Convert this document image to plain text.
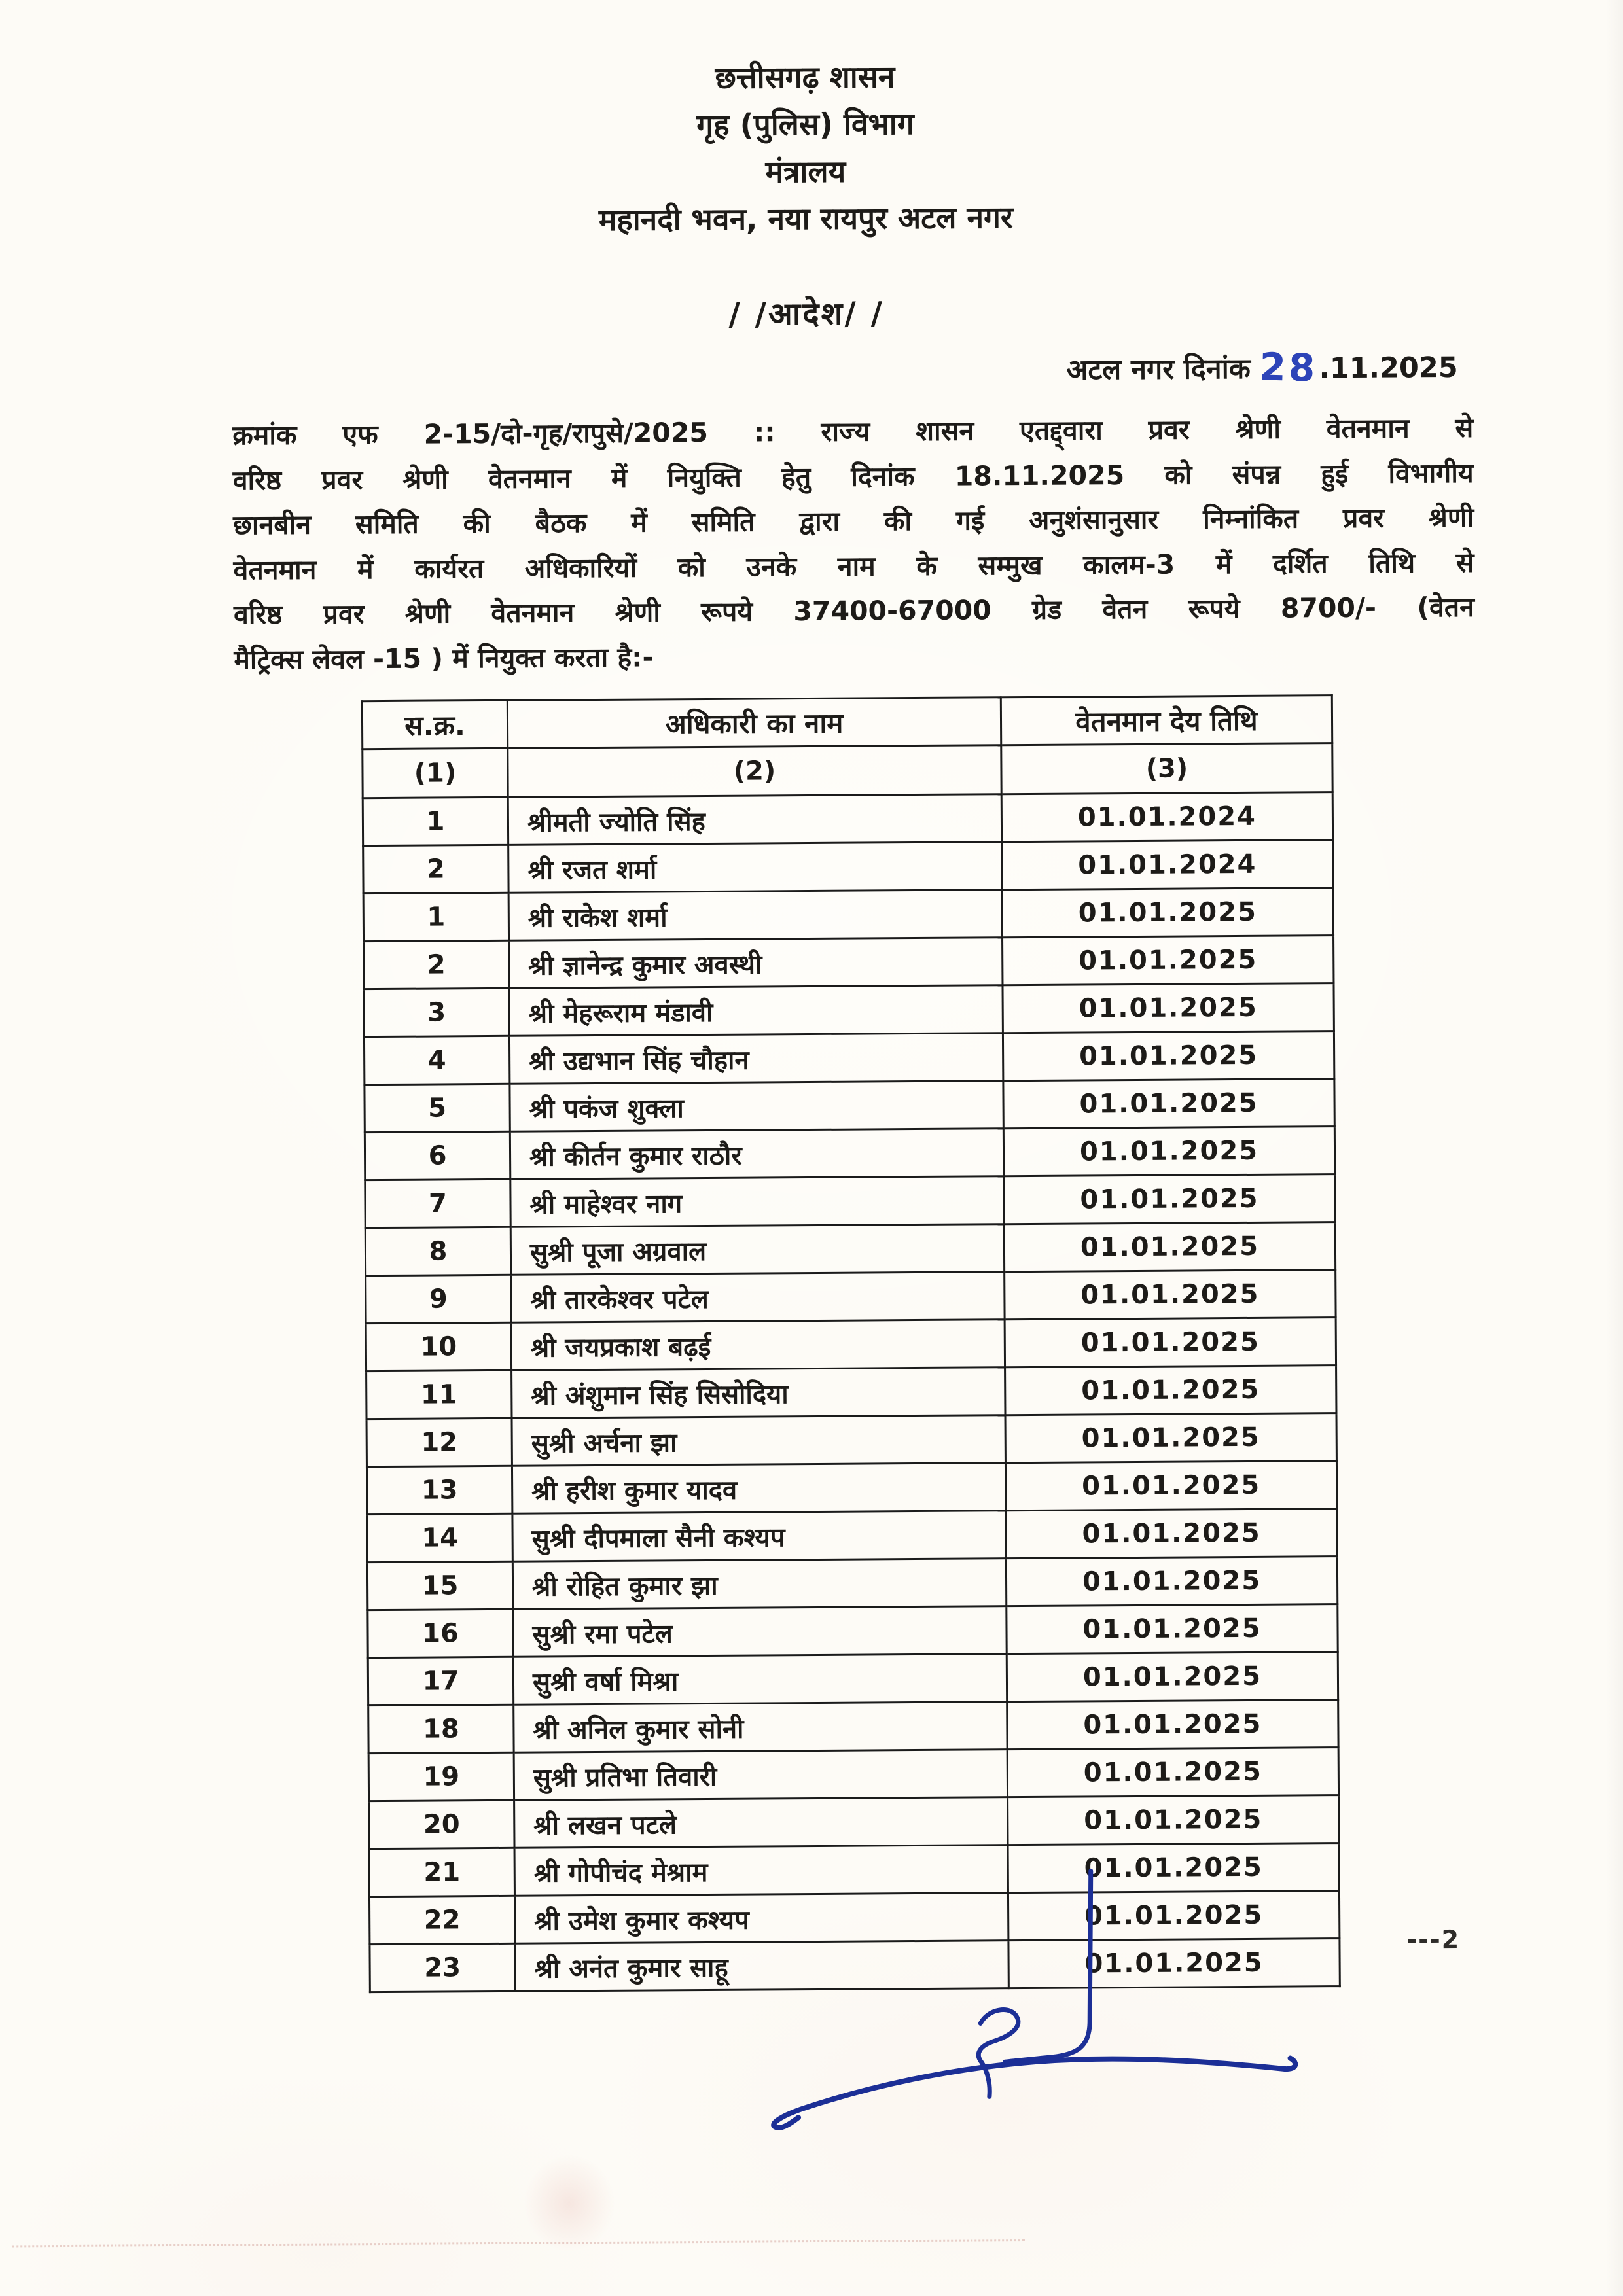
छत्तीसगढ़ शासन
गृह (पुलिस) विभाग
मंत्रालय
महानदी भवन, नया रायपुर अटल नगर
/ /आदेश/ /
अटल नगर दिनांक 28.11.2025
क्रमांक एफ 2-15/दो-गृह/रापुसे/2025 :: राज्य शासन एतद्द्वारा प्रवर श्रेणी वेतनमान से
वरिष्ठ प्रवर श्रेणी वेतनमान में नियुक्ति हेतु दिनांक 18.11.2025 को संपन्न हुई विभागीय
छानबीन समिति की बैठक में समिति द्वारा की गई अनुशंसानुसार निम्नांकित प्रवर श्रेणी
वेतनमान में कार्यरत अधिकारियों को उनके नाम के सम्मुख कालम-3 में दर्शित तिथि से
वरिष्ठ प्रवर श्रेणी वेतनमान श्रेणी रूपये 37400-67000 ग्रेड वेतन रूपये 8700/- (वेतन
मैट्रिक्स लेवल -15 ) में नियुक्त करता है:-
स.क्र.	अधिकारी का नाम	वेतनमान देय तिथि
(1)	(2)	(3)
1	श्रीमती ज्योति सिंह	01.01.2024
2	श्री रजत शर्मा	01.01.2024
1	श्री राकेश शर्मा	01.01.2025
2	श्री ज्ञानेन्द्र कुमार अवस्थी	01.01.2025
3	श्री मेहरूराम मंडावी	01.01.2025
4	श्री उद्यभान सिंह चौहान	01.01.2025
5	श्री पकंज शुक्ला	01.01.2025
6	श्री कीर्तन कुमार राठौर	01.01.2025
7	श्री माहेश्वर नाग	01.01.2025
8	सुश्री पूजा अग्रवाल	01.01.2025
9	श्री तारकेश्वर पटेल	01.01.2025
10	श्री जयप्रकाश बढ़ई	01.01.2025
11	श्री अंशुमान सिंह सिसोदिया	01.01.2025
12	सुश्री अर्चना झा	01.01.2025
13	श्री हरीश कुमार यादव	01.01.2025
14	सुश्री दीपमाला सैनी कश्यप	01.01.2025
15	श्री रोहित कुमार झा	01.01.2025
16	सुश्री रमा पटेल	01.01.2025
17	सुश्री वर्षा मिश्रा	01.01.2025
18	श्री अनिल कुमार सोनी	01.01.2025
19	सुश्री प्रतिभा तिवारी	01.01.2025
20	श्री लखन पटले	01.01.2025
21	श्री गोपीचंद मेश्राम	01.01.2025
22	श्री उमेश कुमार कश्यप	01.01.2025
23	श्री अनंत कुमार साहू	01.01.2025
---2
